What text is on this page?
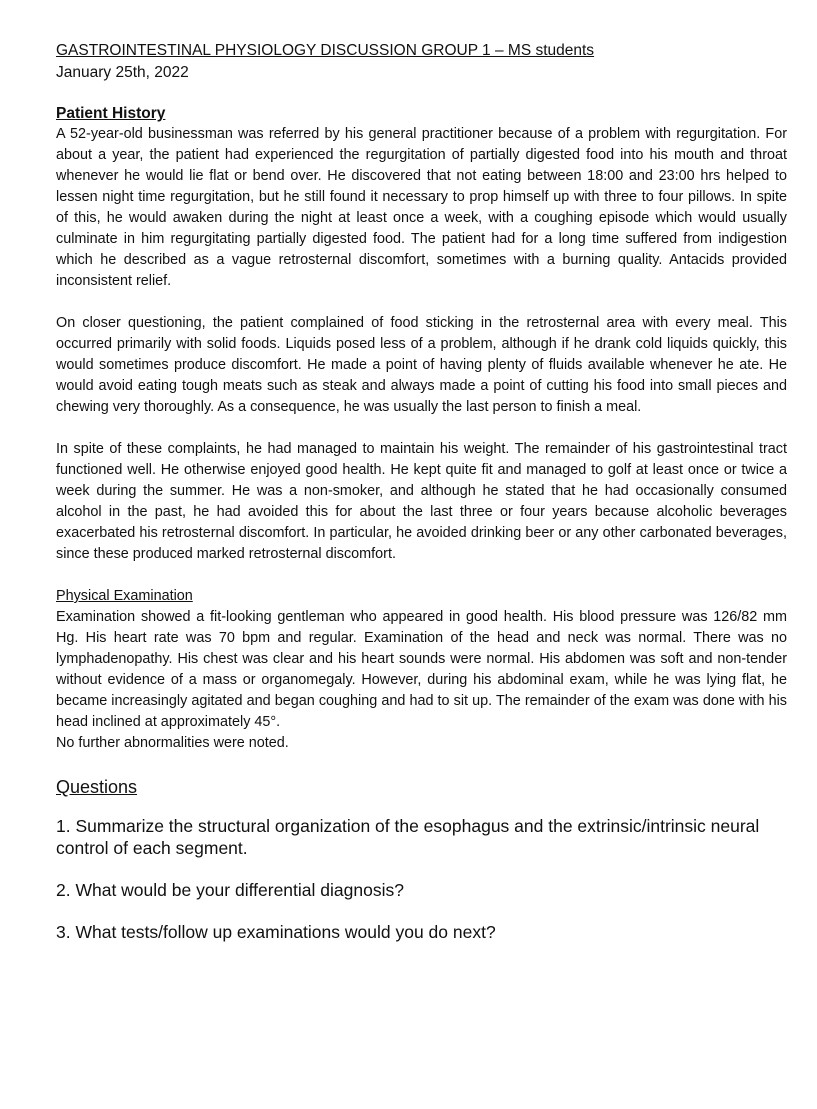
GASTROINTESTINAL PHYSIOLOGY DISCUSSION GROUP 1 – MS students

January 25th, 2022

Patient History

A 52-year-old businessman was referred by his general practitioner because of a problem with regurgitation. For about a year, the patient had experienced the regurgitation of partially digested food into his mouth and throat whenever he would lie flat or bend over. He discovered that not eating between 18:00 and 23:00 hrs helped to lessen night time regurgitation, but he still found it necessary to prop himself up with three to four pillows. In spite of this, he would awaken during the night at least once a week, with a coughing episode which would usually culminate in him regurgitating partially digested food. The patient had for a long time suffered from indigestion which he described as a vague retrosternal discomfort, sometimes with a burning quality. Antacids provided inconsistent relief.

On closer questioning, the patient complained of food sticking in the retrosternal area with every meal. This occurred primarily with solid foods. Liquids posed less of a problem, although if he drank cold liquids quickly, this would sometimes produce discomfort. He made a point of having plenty of fluids available whenever he ate. He would avoid eating tough meats such as steak and always made a point of cutting his food into small pieces and chewing very thoroughly. As a consequence, he was usually the last person to finish a meal.

In spite of these complaints, he had managed to maintain his weight. The remainder of his gastrointestinal tract functioned well. He otherwise enjoyed good health. He kept quite fit and managed to golf at least once or twice a week during the summer. He was a non-smoker, and although he stated that he had occasionally consumed alcohol in the past, he had avoided this for about the last three or four years because alcoholic beverages exacerbated his retrosternal discomfort. In particular, he avoided drinking beer or any other carbonated beverages, since these produced marked retrosternal discomfort.

Physical Examination

Examination showed a fit-looking gentleman who appeared in good health. His blood pressure was 126/82 mm Hg. His heart rate was 70 bpm and regular. Examination of the head and neck was normal. There was no lymphadenopathy. His chest was clear and his heart sounds were normal. His abdomen was soft and non-tender without evidence of a mass or organomegaly. However, during his abdominal exam, while he was lying flat, he became increasingly agitated and began coughing and had to sit up. The remainder of the exam was done with his head inclined at approximately 45°.

No further abnormalities were noted.

Questions

1. Summarize the structural organization of the esophagus and the extrinsic/intrinsic neural control of each segment.

2. What would be your differential diagnosis?

3. What tests/follow up examinations would you do next?
